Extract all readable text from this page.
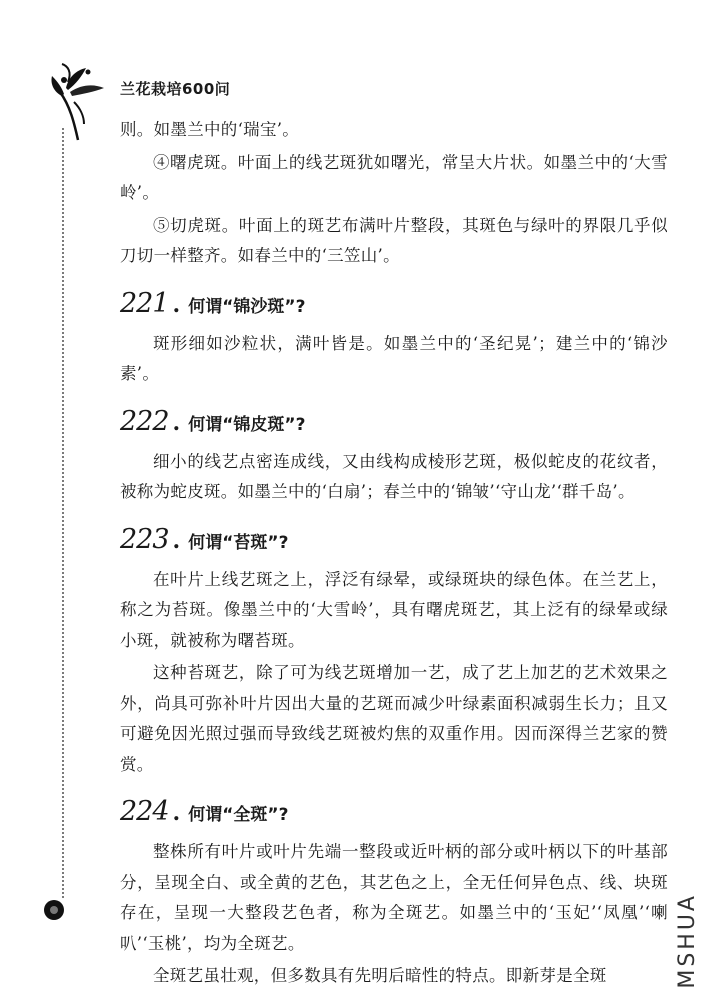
兰花栽培600问

则。如墨兰中的‘瑞宝’。

④曙虎斑。叶面上的线艺斑犹如曙光，常呈大片状。如墨兰中的‘大雪岭’。

⑤切虎斑。叶面上的斑艺布满叶片整段，其斑色与绿叶的界限几乎似刀切一样整齐。如春兰中的‘三笠山’。

221 . 何谓“锦沙斑”?

斑形细如沙粒状，满叶皆是。如墨兰中的‘圣纪晃’；建兰中的‘锦沙素’。

222 . 何谓“锦皮斑”?

细小的线艺点密连成线，又由线构成棱形艺斑，极似蛇皮的花纹者，被称为蛇皮斑。如墨兰中的‘白扇’；春兰中的‘锦皱’‘守山龙’‘群千岛’。

223 . 何谓“苔斑”?

在叶片上线艺斑之上，浮泛有绿晕，或绿斑块的绿色体。在兰艺上，称之为苔斑。像墨兰中的‘大雪岭’，具有曙虎斑艺，其上泛有的绿晕或绿小斑，就被称为曙苔斑。

这种苔斑艺，除了可为线艺斑增加一艺，成了艺上加艺的艺术效果之外，尚具可弥补叶片因出大量的艺斑而减少叶绿素面积减弱生长力；且又可避免因光照过强而导致线艺斑被灼焦的双重作用。因而深得兰艺家的赞赏。

224 . 何谓“全斑”?

整株所有叶片或叶片先端一整段或近叶柄的部分或叶柄以下的叶基部分，呈现全白、或全黄的艺色，其艺色之上，全无任何异色点、线、块斑存在，呈现一大整段艺色者，称为全斑艺。如墨兰中的‘玉妃’‘凤凰’‘喇叭’‘玉桃’，均为全斑艺。

全斑艺虽壮观，但多数具有先明后暗性的特点。即新芽是全斑	MSHUA
